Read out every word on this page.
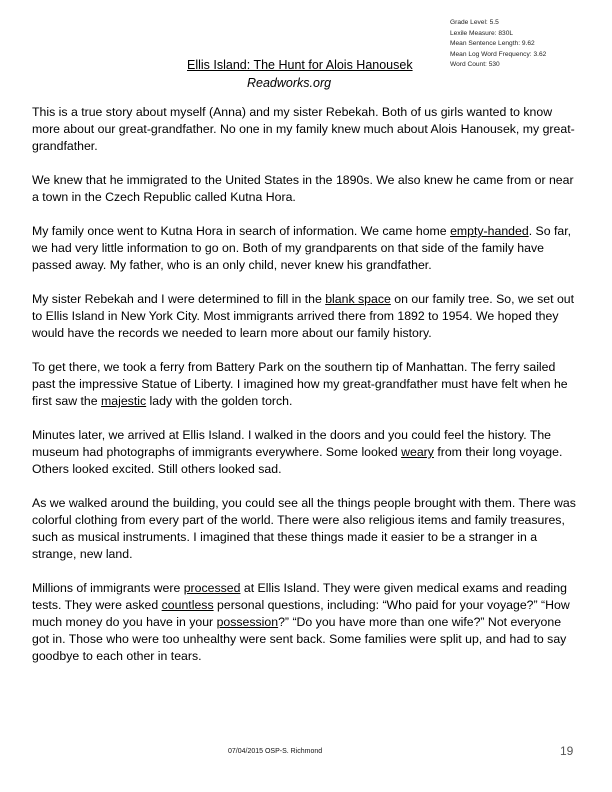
Grade Level: 5.5
Lexile Measure: 830L
Mean Sentence Length: 9.62
Mean Log Word Frequency: 3.62
Word Count: 530
Ellis Island: The Hunt for Alois Hanousek
Readworks.org

This is a true story about myself (Anna) and my sister Rebekah. Both of us girls wanted to know more about our great-grandfather. No one in my family knew much about Alois Hanousek, my great-grandfather.

We knew that he immigrated to the United States in the 1890s. We also knew he came from or near a town in the Czech Republic called Kutna Hora.

My family once went to Kutna Hora in search of information. We came home empty-handed. So far, we had very little information to go on. Both of my grandparents on that side of the family have passed away. My father, who is an only child, never knew his grandfather.

My sister Rebekah and I were determined to fill in the blank space on our family tree. So, we set out to Ellis Island in New York City. Most immigrants arrived there from 1892 to 1954. We hoped they would have the records we needed to learn more about our family history.

To get there, we took a ferry from Battery Park on the southern tip of Manhattan. The ferry sailed past the impressive Statue of Liberty. I imagined how my great-grandfather must have felt when he first saw the majestic lady with the golden torch.

Minutes later, we arrived at Ellis Island. I walked in the doors and you could feel the history. The museum had photographs of immigrants everywhere. Some looked weary from their long voyage. Others looked excited. Still others looked sad.

As we walked around the building, you could see all the things people brought with them. There was colorful clothing from every part of the world. There were also religious items and family treasures, such as musical instruments. I imagined that these things made it easier to be a stranger in a strange, new land.

Millions of immigrants were processed at Ellis Island. They were given medical exams and reading tests. They were asked countless personal questions, including: “Who paid for your voyage?” “How much money do you have in your possession?” “Do you have more than one wife?” Not everyone got in. Those who were too unhealthy were sent back. Some families were split up, and had to say goodbye to each other in tears.

07/04/2015 OSP-S. Richmond	19
